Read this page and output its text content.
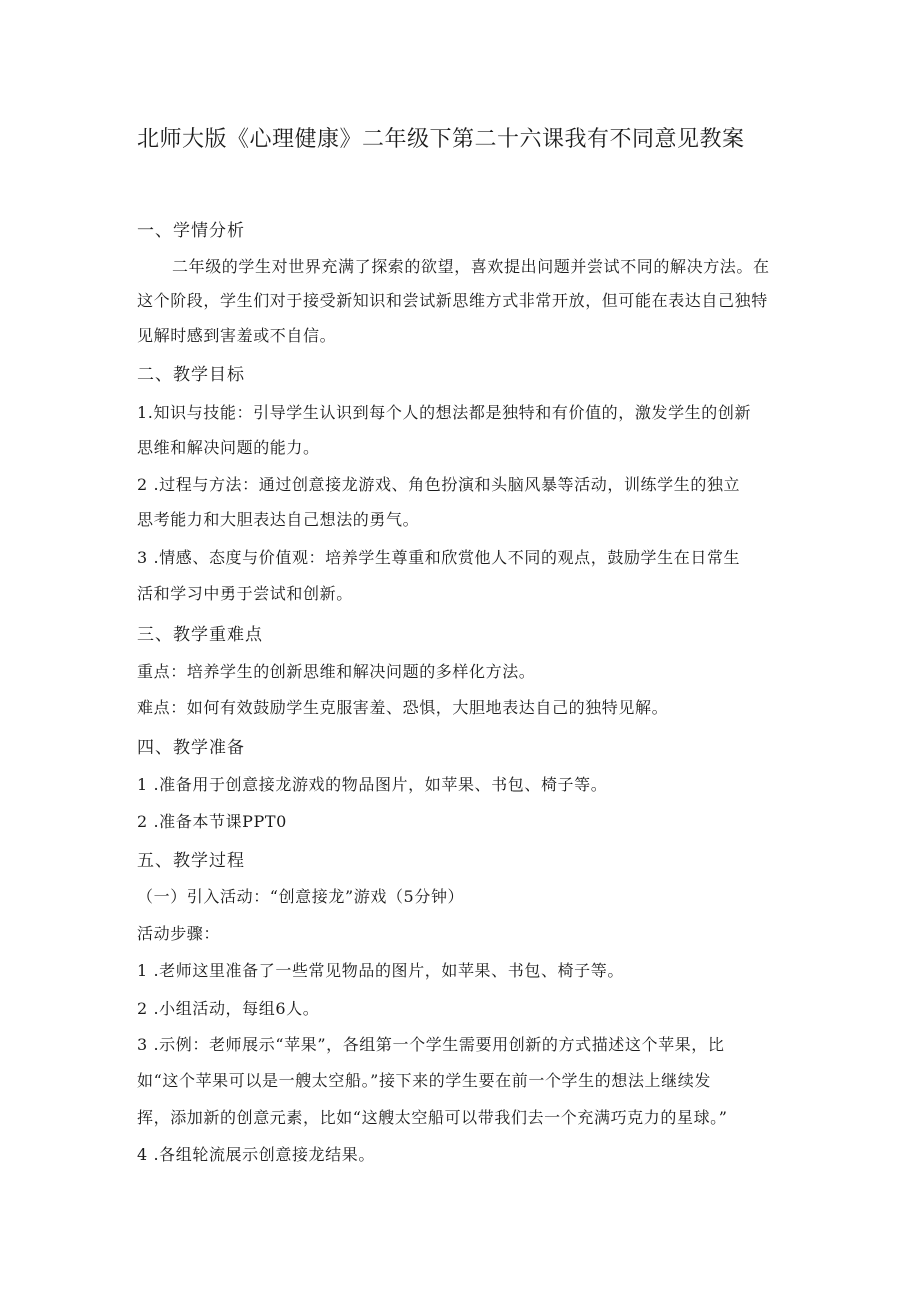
北师大版《心理健康》二年级下第二十六课我有不同意见教案
一、学情分析
二年级的学生对世界充满了探索的欲望，喜欢提出问题并尝试不同的解决方法。在
这个阶段，学生们对于接受新知识和尝试新思维方式非常开放，但可能在表达自己独特
见解时感到害羞或不自信。
二、教学目标
1.知识与技能：引导学生认识到每个人的想法都是独特和有价值的，激发学生的创新
思维和解决问题的能力。
2 .过程与方法：通过创意接龙游戏、角色扮演和头脑风暴等活动，训练学生的独立
思考能力和大胆表达自己想法的勇气。
3 .情感、态度与价值观：培养学生尊重和欣赏他人不同的观点，鼓励学生在日常生
活和学习中勇于尝试和创新。
三、教学重难点
重点：培养学生的创新思维和解决问题的多样化方法。
难点：如何有效鼓励学生克服害羞、恐惧，大胆地表达自己的独特见解。
四、教学准备
1 .准备用于创意接龙游戏的物品图片，如苹果、书包、椅子等。
2 .准备本节课PPT0
五、教学过程
（一）引入活动：“创意接龙”游戏（5分钟）
活动步骤：
1 .老师这里准备了一些常见物品的图片，如苹果、书包、椅子等。
2 .小组活动，每组6人。
3 .示例：老师展示“苹果”，各组第一个学生需要用创新的方式描述这个苹果，比
如“这个苹果可以是一艘太空船。”接下来的学生要在前一个学生的想法上继续发
挥，添加新的创意元素，比如“这艘太空船可以带我们去一个充满巧克力的星球。”
4 .各组轮流展示创意接龙结果。
